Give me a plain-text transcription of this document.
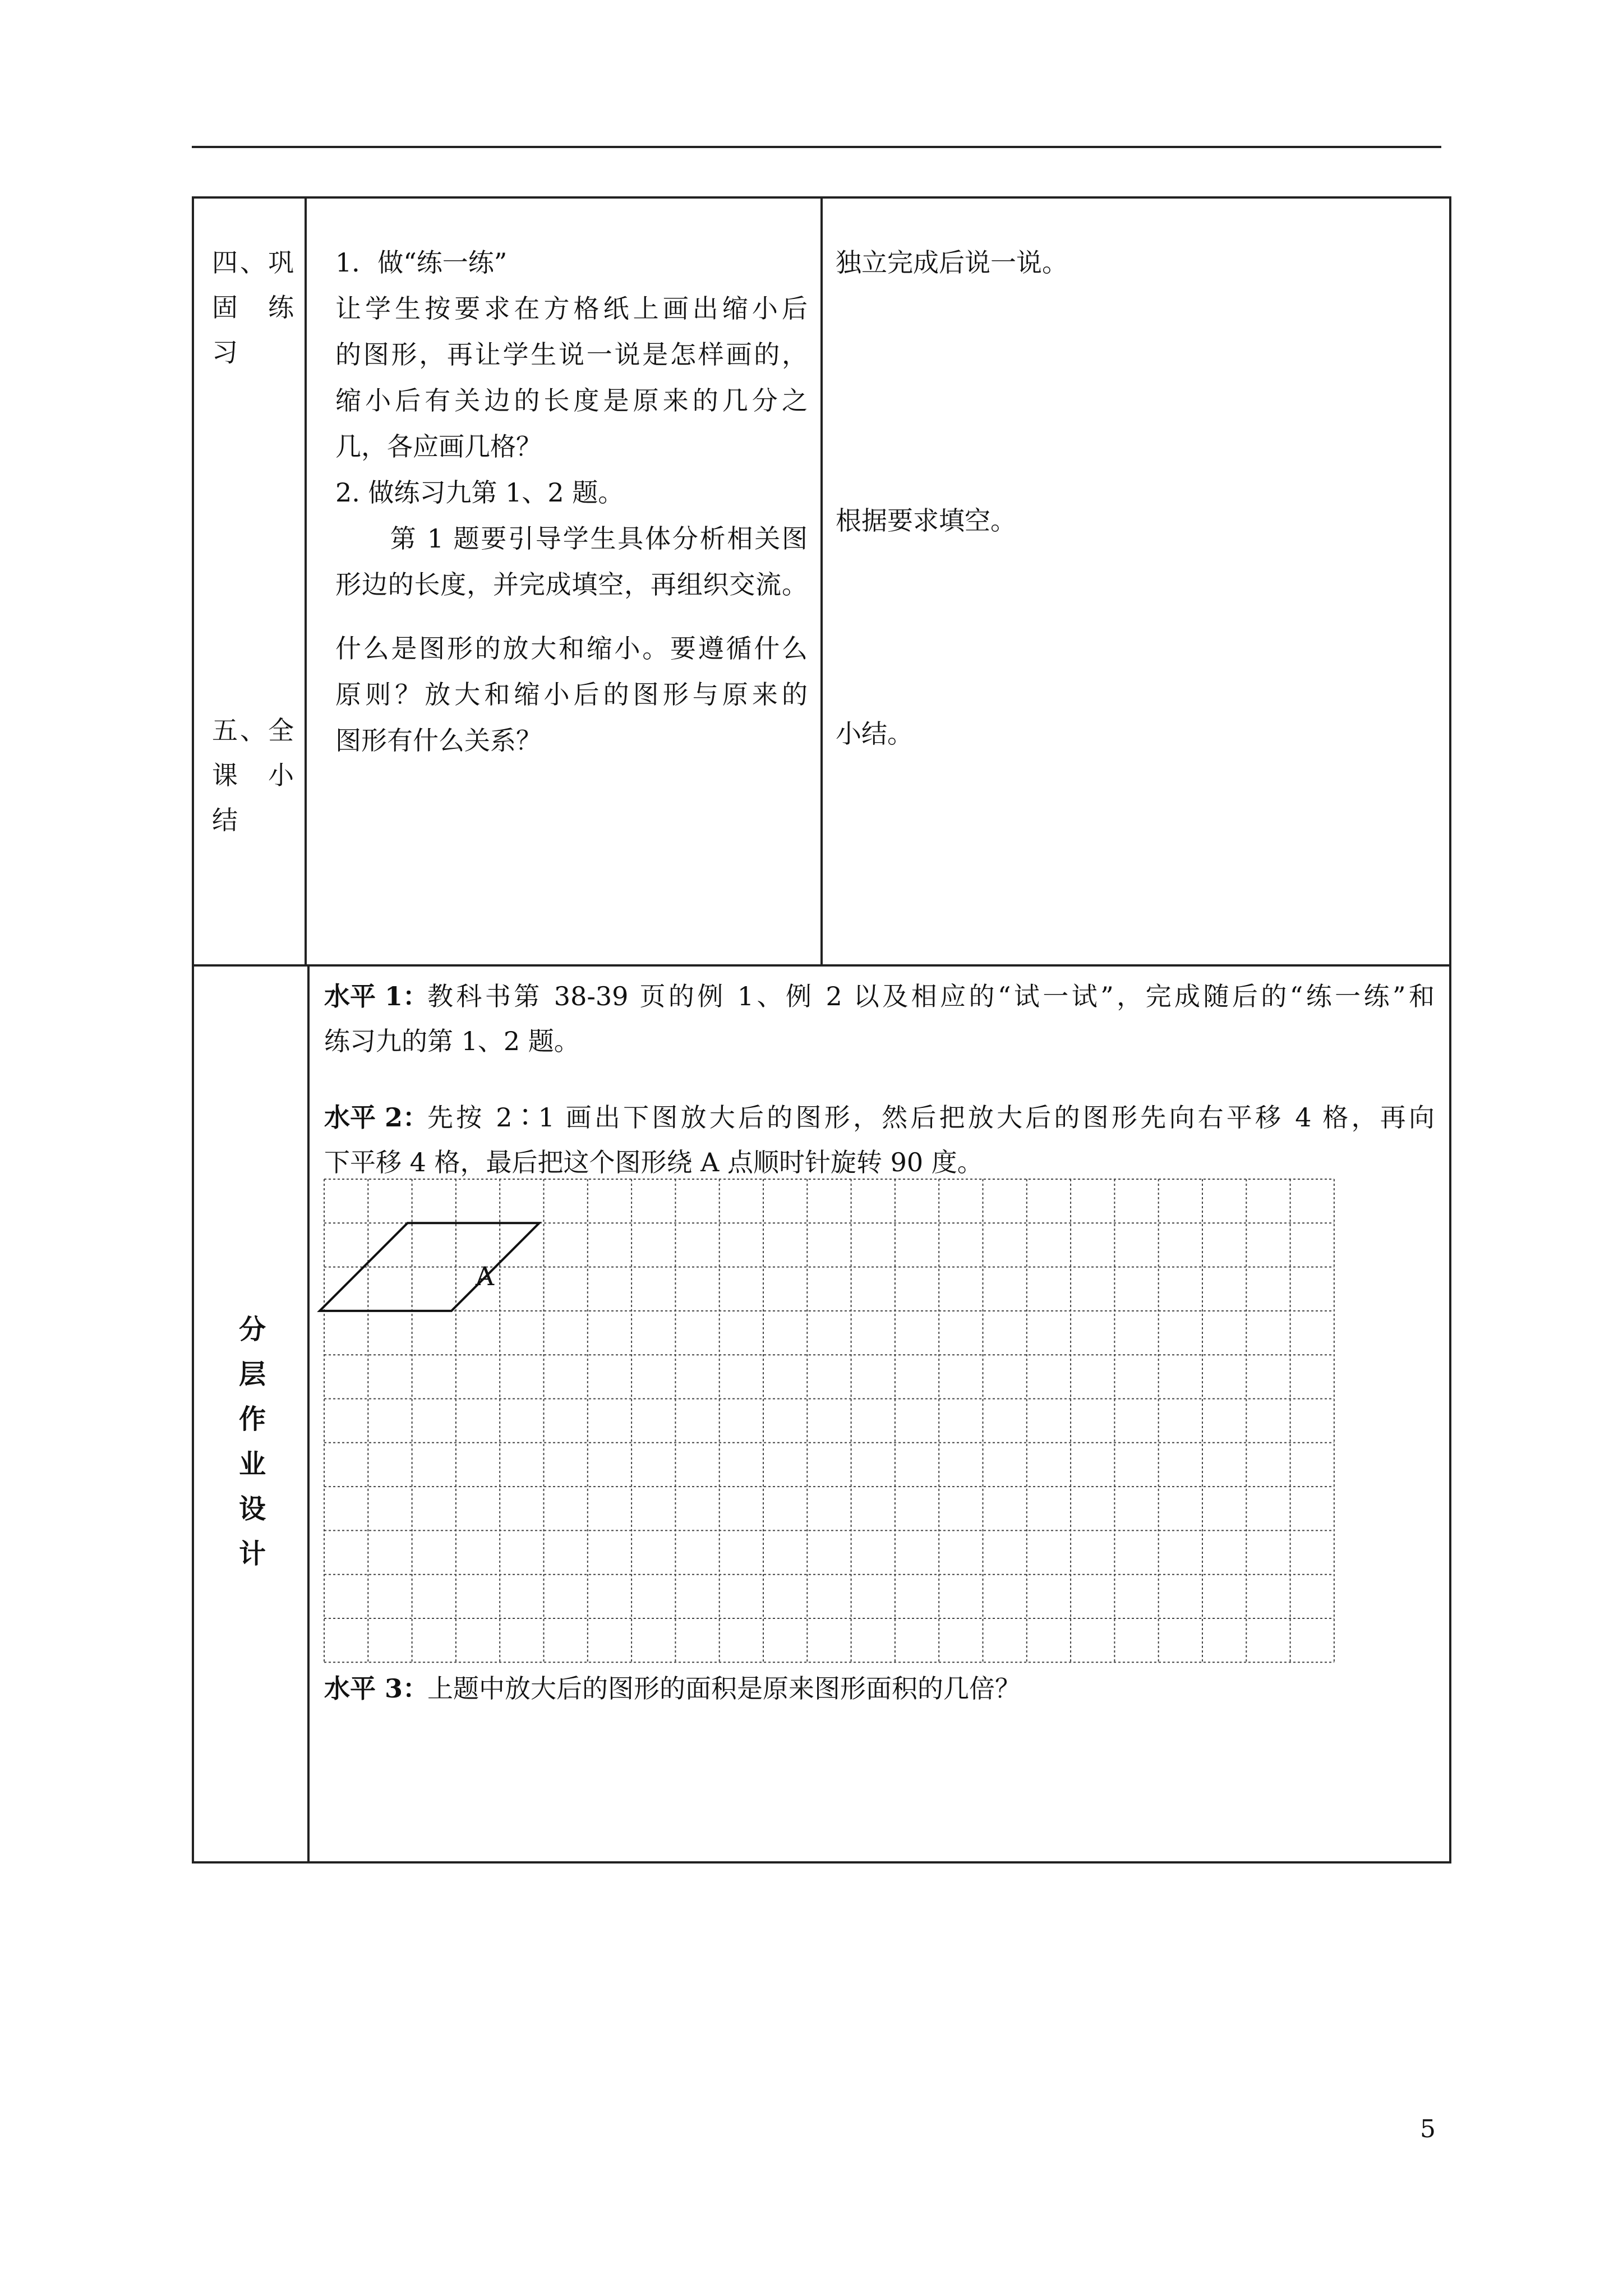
四、巩
固　练
习
五、全
课　小
结
1．做“练一练”
让学生按要求在方格纸上画出缩小后
的图形，再让学生说一说是怎样画的，
缩小后有关边的长度是原来的几分之
几，各应画几格？
2. 做练习九第 1、2 题。
　　第 1 题要引导学生具体分析相关图
形边的长度，并完成填空，再组织交流。
什么是图形的放大和缩小。要遵循什么
原则？放大和缩小后的图形与原来的
图形有什么关系？
独立完成后说一说。
根据要求填空。
小结。
分
层
作
业
设
计
水平 1：
教科书第 38-39 页的例 1、例 2 以及相应的“试一试”，完成随后的“练一练”和
练习九的第 1、2 题。
水平 2：
先按 2∶1 画出下图放大后的图形，然后把放大后的图形先向右平移 4 格，再向
下平移 4 格，最后把这个图形绕 A 点顺时针旋转 90 度。
A
水平 3：
上题中放大后的图形的面积是原来图形面积的几倍？
5
